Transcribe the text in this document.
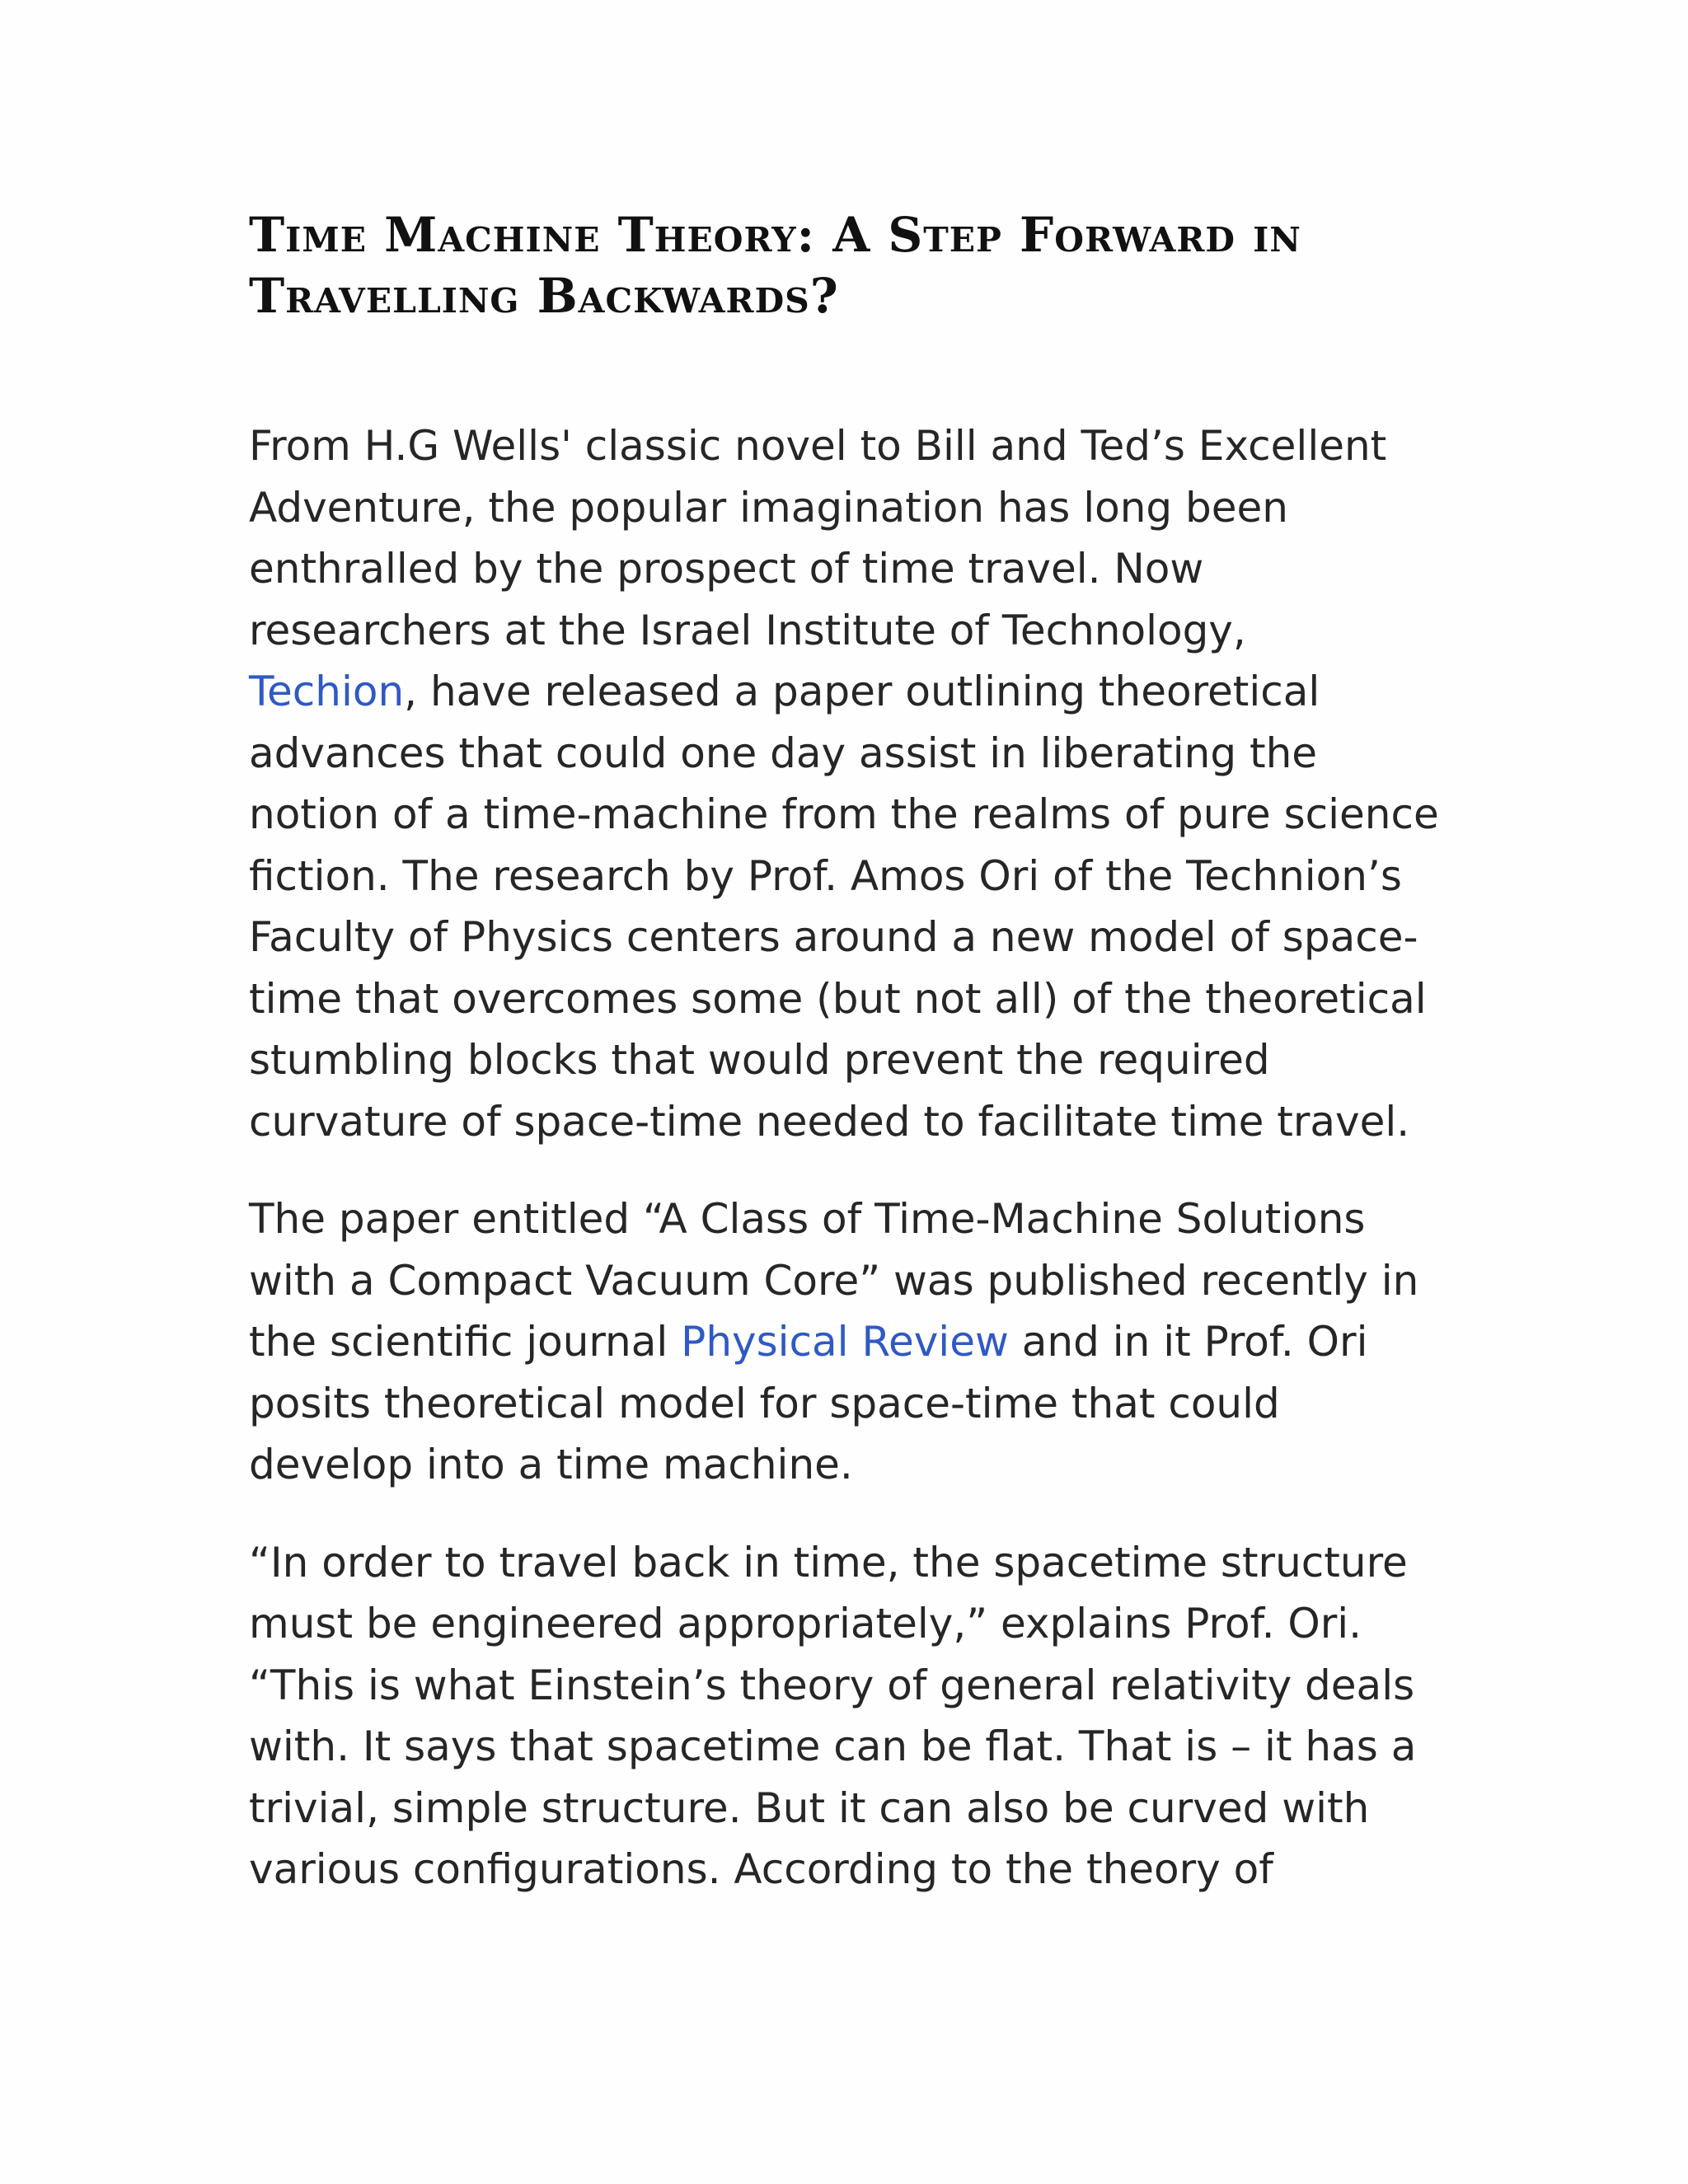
Time Machine Theory: A Step Forward in
Travelling Backwards?

From H.G Wells' classic novel to Bill and Ted’s Excellent
Adventure, the popular imagination has long been
enthralled by the prospect of time travel. Now
researchers at the Israel Institute of Technology,
Techion, have released a paper outlining theoretical
advances that could one day assist in liberating the
notion of a time-machine from the realms of pure science
fiction. The research by Prof. Amos Ori of the Technion’s
Faculty of Physics centers around a new model of space-
time that overcomes some (but not all) of the theoretical
stumbling blocks that would prevent the required
curvature of space-time needed to facilitate time travel.

The paper entitled “A Class of Time-Machine Solutions
with a Compact Vacuum Core” was published recently in
the scientific journal Physical Review and in it Prof. Ori
posits theoretical model for space-time that could
develop into a time machine.

“In order to travel back in time, the spacetime structure
must be engineered appropriately,” explains Prof. Ori.
“This is what Einstein’s theory of general relativity deals
with. It says that spacetime can be flat. That is – it has a
trivial, simple structure. But it can also be curved with
various configurations. According to the theory of
